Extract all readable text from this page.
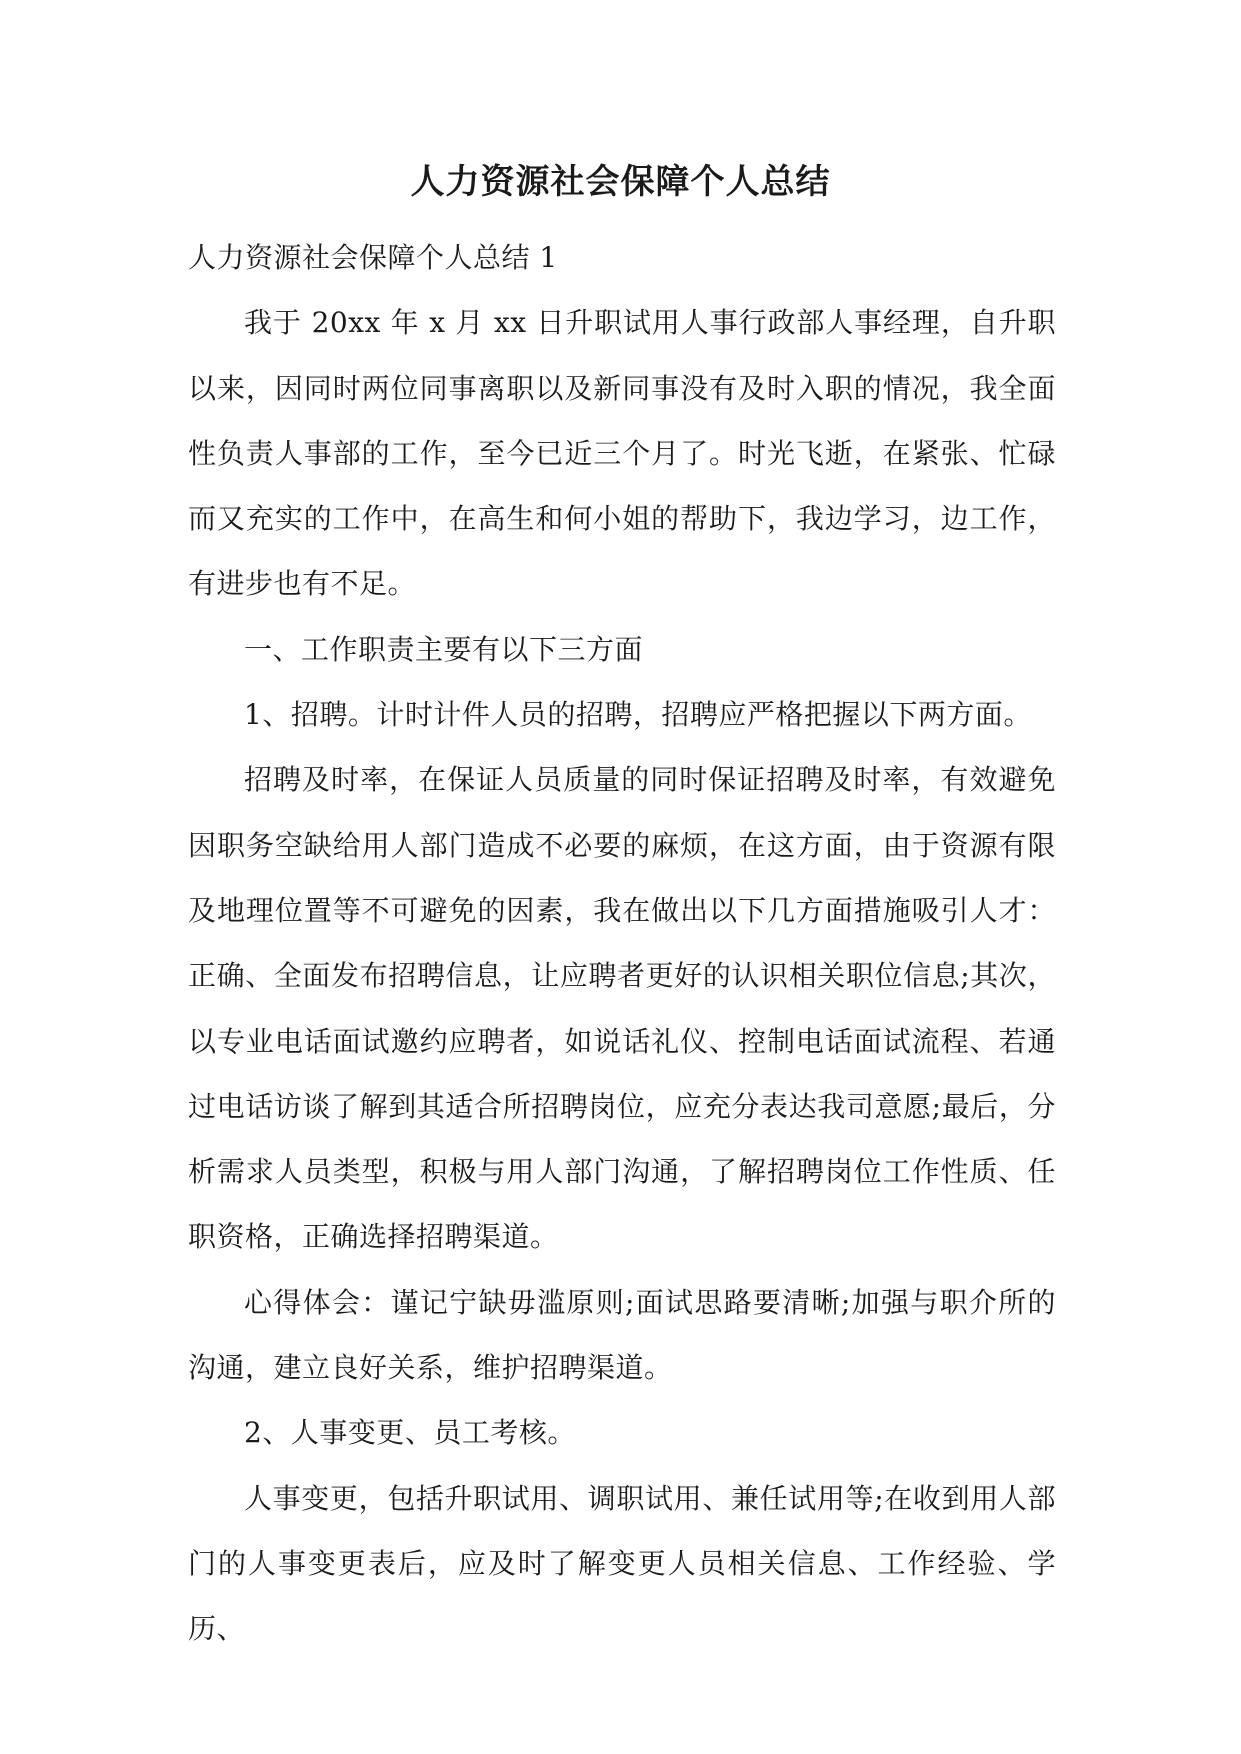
人力资源社会保障个人总结

人力资源社会保障个人总结 1

我于 20xx 年 x 月 xx 日升职试用人事行政部人事经理，自升职以来，因同时两位同事离职以及新同事没有及时入职的情况，我全面性负责人事部的工作，至今已近三个月了。时光飞逝，在紧张、忙碌而又充实的工作中，在高生和何小姐的帮助下，我边学习，边工作，有进步也有不足。

一、工作职责主要有以下三方面

1、招聘。计时计件人员的招聘，招聘应严格把握以下两方面。

招聘及时率，在保证人员质量的同时保证招聘及时率，有效避免因职务空缺给用人部门造成不必要的麻烦，在这方面，由于资源有限及地理位置等不可避免的因素，我在做出以下几方面措施吸引人才：正确、全面发布招聘信息，让应聘者更好的认识相关职位信息;其次，以专业电话面试邀约应聘者，如说话礼仪、控制电话面试流程、若通过电话访谈了解到其适合所招聘岗位，应充分表达我司意愿;最后，分析需求人员类型，积极与用人部门沟通，了解招聘岗位工作性质、任职资格，正确选择招聘渠道。

心得体会：谨记宁缺毋滥原则;面试思路要清晰;加强与职介所的沟通，建立良好关系，维护招聘渠道。

2、人事变更、员工考核。

人事变更，包括升职试用、调职试用、兼任试用等;在收到用人部门的人事变更表后，应及时了解变更人员相关信息、工作经验、学历、
